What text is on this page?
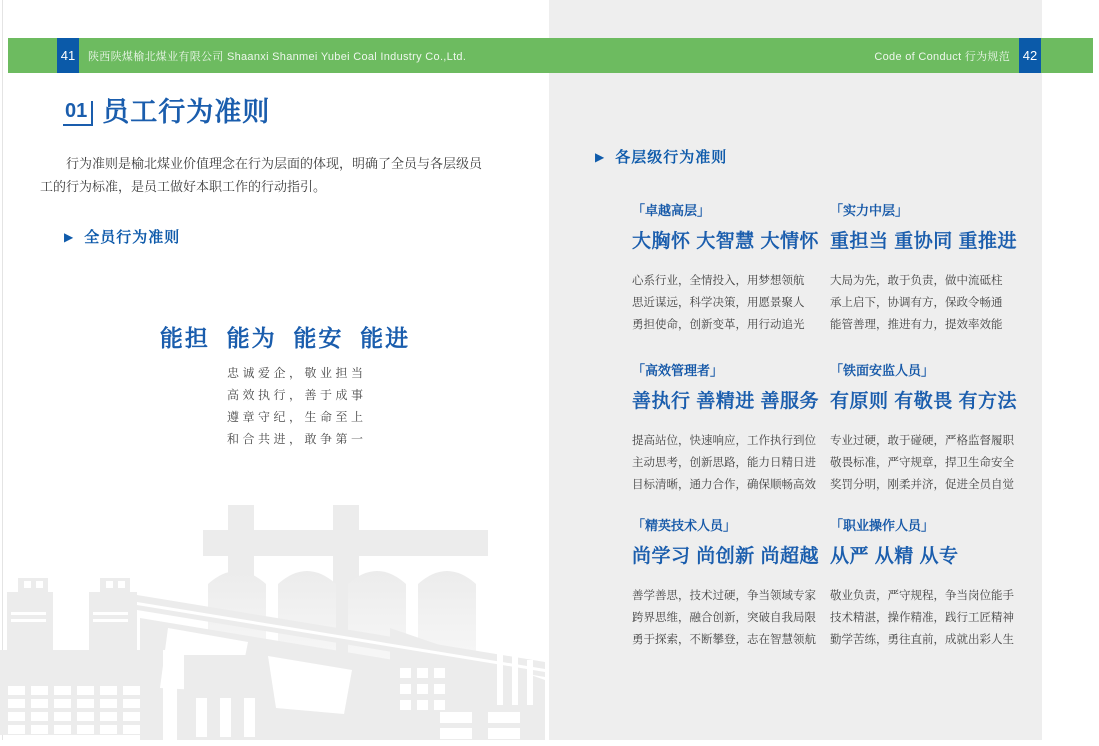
41	陕西陕煤榆北煤业有限公司 Shaanxi Shanmei Yubei Coal Industry Co.,Ltd.	Code of Conduct 行为规范 42
01 员工行为准则

行为准则是榆北煤业价值理念在行为层面的体现，明确了全员与各层级员工的行为标准，是员工做好本职工作的行动指引。

▶ 全员行为准则
能担  能为  能安  能进
忠诚爱企，敬业担当
高效执行，善于成事
遵章守纪，生命至上
和合共进，敢争第一
▶ 各层级行为准则
「卓越高层」
大胸怀 大智慧 大情怀
心系行业，全情投入，用梦想领航
思近谋远，科学决策，用愿景聚人
勇担使命，创新变革，用行动追光
「实力中层」
重担当 重协同 重推进
大局为先，敢于负责，做中流砥柱
承上启下，协调有方，保政令畅通
能管善理，推进有力，提效率效能
「高效管理者」
善执行 善精进 善服务
提高站位，快速响应，工作执行到位
主动思考，创新思路，能力日精日进
目标清晰，通力合作，确保顺畅高效
「铁面安监人员」
有原则 有敬畏 有方法
专业过硬，敢于碰硬，严格监督履职
敬畏标准，严守规章，捍卫生命安全
奖罚分明，刚柔并济，促进全员自觉
「精英技术人员」
尚学习 尚创新 尚超越
善学善思，技术过硬，争当领域专家
跨界思维，融合创新，突破自我局限
勇于探索，不断攀登，志在智慧领航
「职业操作人员」
从严 从精 从专
敬业负责，严守规程，争当岗位能手
技术精湛，操作精准，践行工匠精神
勤学苦练，勇往直前，成就出彩人生
